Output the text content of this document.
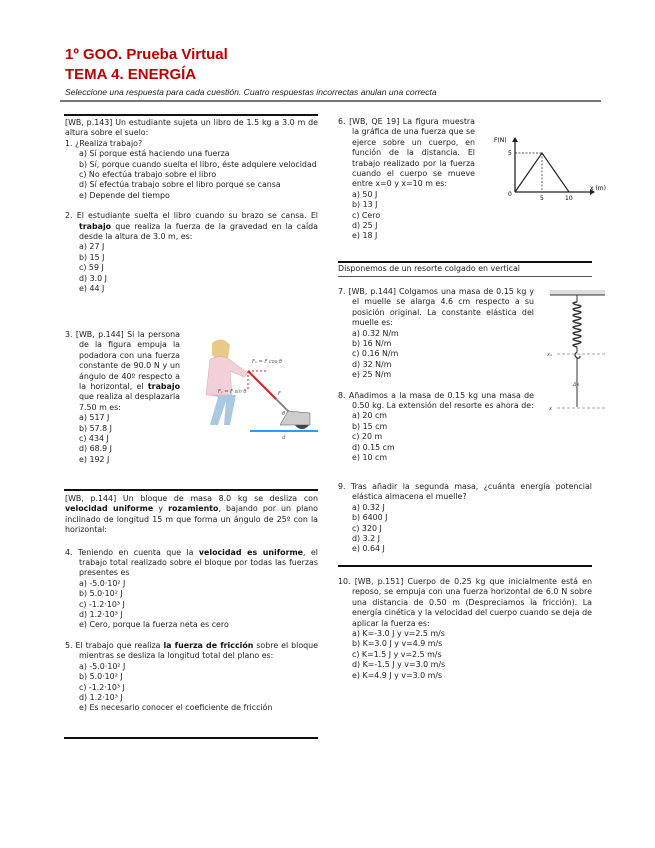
1º GOO. Prueba Virtual
TEMA 4. ENERGÍA
Seleccione una respuesta para cada cuestión. Cuatro respuestas incorrectas anulan una correcta
[WB, p.143] Un estudiante sujeta un libro de 1.5 kg a 3.0 m de altura sobre el suelo:
1. ¿Realiza trabajo?
a) Sí porque está haciendo una fuerza
b) Sí, porque cuando suelta el libro, éste adquiere velocidad
c) No efectúa trabajo sobre el libro
d) Sí efectúa trabajo sobre el libro porque se cansa
e) Depende del tiempo
2. El estudiante suelta el libro cuando su brazo se cansa. El trabajo que realiza la fuerza de la gravedad en la caída desde la altura de 3.0 m, es:
a) 27 J
b) 15 J
c) 59 J
d) 3.0 J
e) 44 J
3. [WB, p.144] Si la persona de la figura empuja la podadora con una fuerza constante de 90.0 N y un ángulo de 40º respecto a la horizontal, el trabajo que realiza al desplazarla 7.50 m es:
a) 517 J
b) 57.8 J
c) 434 J
d) 68.9 J
e) 192 J
Fₓ = F cos θ
Fᵧ = F sin θ	F
θ
d
[WB, p.144] Un bloque de masa 8.0 kg se desliza con velocidad uniforme y rozamiento, bajando por un plano inclinado de longitud 15 m que forma un ángulo de 25º con la horizontal:
4. Teniendo en cuenta que la velocidad es uniforme, el trabajo total realizado sobre el bloque por todas las fuerzas presentes es
a) -5.0·10² J
b) 5.0·10² J
c) -1.2·10³ J
d) 1.2·10³ J
e) Cero, porque la fuerza neta es cero
5. El trabajo que realiza la fuerza de fricción sobre el bloque mientras se desliza la longitud total del plano es:
a) -5.0·10² J
b) 5.0·10² J
c) -1.2·10³ J
d) 1.2·10³ J
e) Es necesario conocer el coeficiente de fricción
6. [WB, QE 19] La figura muestra la gráfica de una fuerza que se ejerce sobre un cuerpo, en función de la distancia. El trabajo realizado por la fuerza cuando el cuerpo se mueve entre x=0 y x=10 m es:
a) 50 J
b) 13 J
c) Cero
d) 25 J
e) 18 J
F(N)
5
0
5	10
x (m)
Disponemos de un resorte colgado en vertical
7. [WB, p.144] Colgamos una masa de 0.15 kg y el muelle se alarga 4.6 cm respecto a su posición original. La constante elástica del muelle es:
a) 0.32 N/m
b) 16 N/m
c) 0.16 N/m
d) 32 N/m
e) 25 N/m
8. Añadimos a la masa de 0.15 kg una masa de 0.50 kg. La extensión del resorte es ahora de:
a) 20 cm
b) 15 cm
c) 20 m
d) 0.15 cm
e) 10 cm
x₀
Δx
x
9. Tras añadir la segunda masa, ¿cuánta energía potencial elástica almacena el muelle?
a) 0.32 J
b) 6400 J
c) 320 J
d) 3.2 J
e) 0.64 J
10. [WB, p.151] Cuerpo de 0.25 kg que inicialmente está en reposo, se empuja con una fuerza horizontal de 6.0 N sobre una distancia de 0.50 m (Despreciamos la fricción). La energía cinética y la velocidad del cuerpo cuando se deja de aplicar la fuerza es:
a) K=-3.0 J y v=2.5 m/s
b) K=3.0 J y v=4.9 m/s
c) K=1.5 J y v=2.5 m/s
d) K=-1.5 J y v=3.0 m/s
e) K=4.9 J y v=3.0 m/s
